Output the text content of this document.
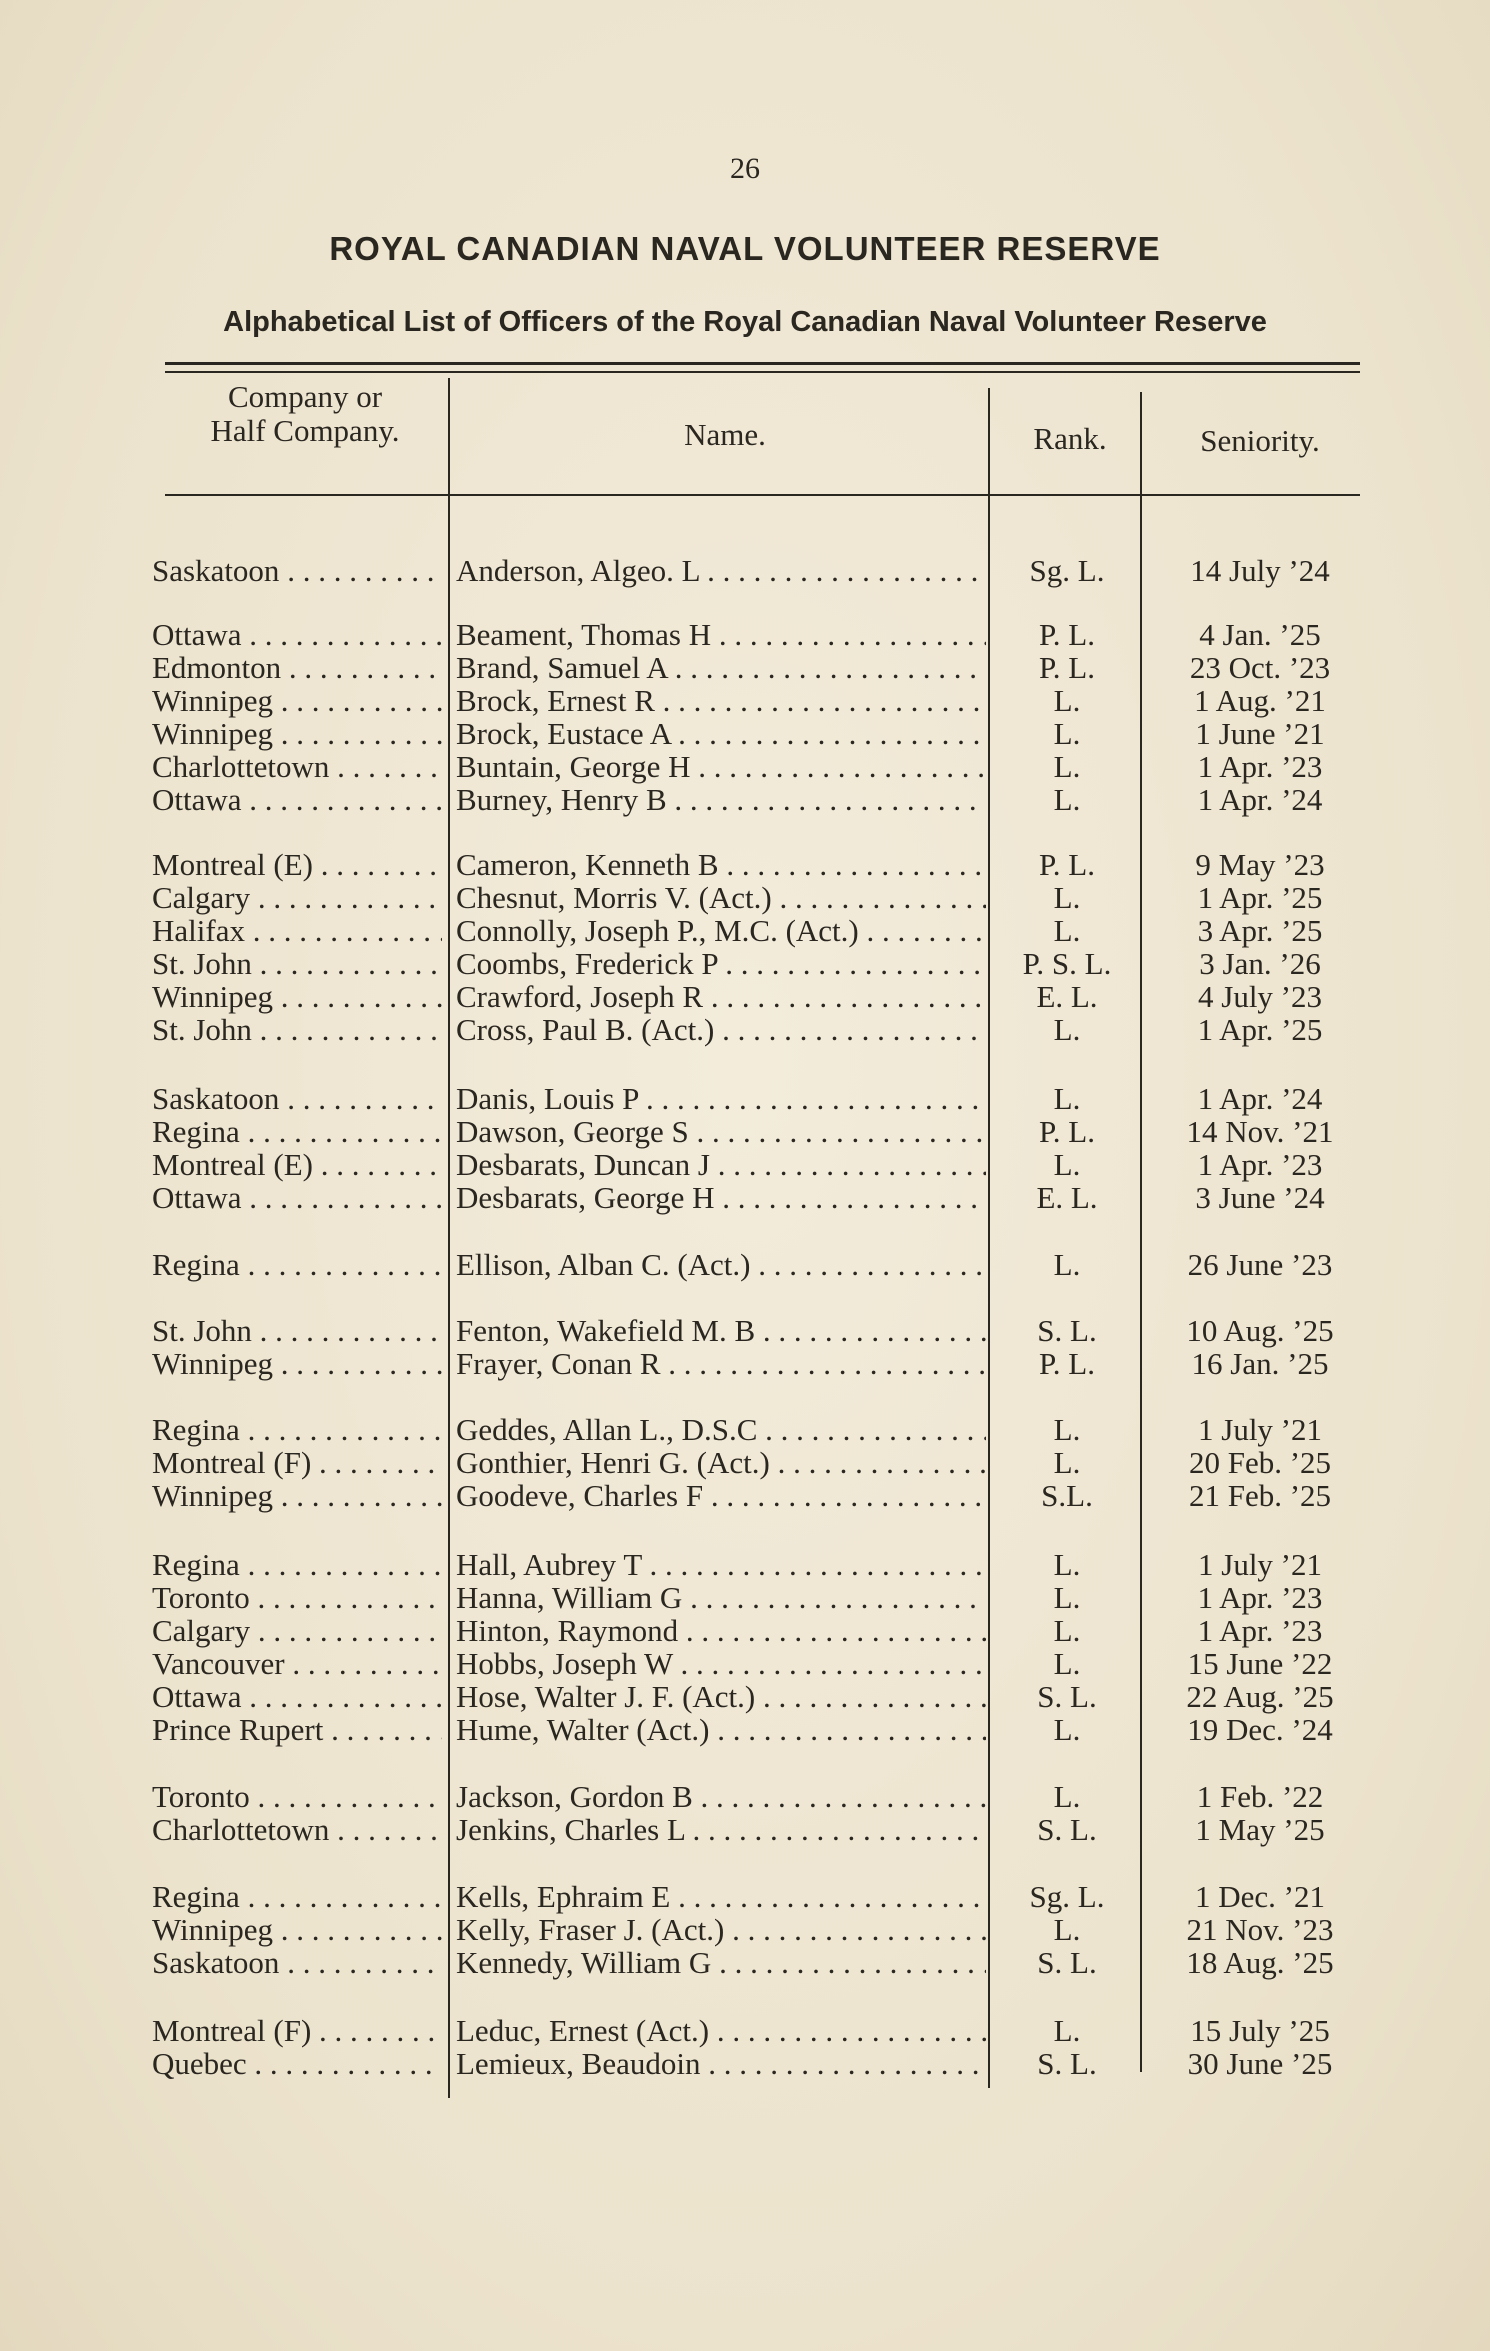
26
ROYAL CANADIAN NAVAL VOLUNTEER RESERVE
Alphabetical List of Officers of the Royal Canadian Naval Volunteer Reserve
Company or Half Company.	Name.	Rank.	Seniority.
Saskatoon . . .	Anderson, Algeo. L . . .	Sg. L.	14 July ’24
Ottawa . . .	Beament, Thomas H . . .	P. L.	4 Jan. ’25
Edmonton . . .	Brand, Samuel A . . .	P. L.	23 Oct. ’23
Winnipeg . . .	Brock, Ernest R . . .	L.	1 Aug. ’21
Winnipeg . . .	Brock, Eustace A . . .	L.	1 June ’21
Charlottetown . . .	Buntain, George H . . .	L.	1 Apr. ’23
Ottawa . . .	Burney, Henry B . . .	L.	1 Apr. ’24
Montreal (E) . . .	Cameron, Kenneth B . . .	P. L.	9 May ’23
Calgary . . .	Chesnut, Morris V. (Act.) . . .	L.	1 Apr. ’25
Halifax . . .	Connolly, Joseph P., M.C. (Act.) . . .	L.	3 Apr. ’25
St. John . . .	Coombs, Frederick P . . .	P. S. L.	3 Jan. ’26
Winnipeg . . .	Crawford, Joseph R . . .	E. L.	4 July ’23
St. John . . .	Cross, Paul B. (Act.) . . .	L.	1 Apr. ’25
Saskatoon . . .	Danis, Louis P . . .	L.	1 Apr. ’24
Regina . . .	Dawson, George S . . .	P. L.	14 Nov. ’21
Montreal (E) . . .	Desbarats, Duncan J . . .	L.	1 Apr. ’23
Ottawa . . .	Desbarats, George H . . .	E. L.	3 June ’24
Regina . . .	Ellison, Alban C. (Act.) . . .	L.	26 June ’23
St. John . . .	Fenton, Wakefield M. B . . .	S. L.	10 Aug. ’25
Winnipeg . . .	Frayer, Conan R . . .	P. L.	16 Jan. ’25
Regina . . .	Geddes, Allan L., D.S.C . . .	L.	1 July ’21
Montreal (F) . . .	Gonthier, Henri G. (Act.) . . .	L.	20 Feb. ’25
Winnipeg . . .	Goodeve, Charles F . . .	S.L.	21 Feb. ’25
Regina . . .	Hall, Aubrey T . . .	L.	1 July ’21
Toronto . . .	Hanna, William G . . .	L.	1 Apr. ’23
Calgary . . .	Hinton, Raymond . . .	L.	1 Apr. ’23
Vancouver . . .	Hobbs, Joseph W . . .	L.	15 June ’22
Ottawa . . .	Hose, Walter J. F. (Act.) . . .	S. L.	22 Aug. ’25
Prince Rupert . . .	Hume, Walter (Act.) . . .	L.	19 Dec. ’24
Toronto . . .	Jackson, Gordon B . . .	L.	1 Feb. ’22
Charlottetown . . .	Jenkins, Charles L . . .	S. L.	1 May ’25
Regina . . .	Kells, Ephraim E . . .	Sg. L.	1 Dec. ’21
Winnipeg . . .	Kelly, Fraser J. (Act.) . . .	L.	21 Nov. ’23
Saskatoon . . .	Kennedy, William G . . .	S. L.	18 Aug. ’25
Montreal (F) . . .	Leduc, Ernest (Act.) . . .	L.	15 July ’25
Quebec . . .	Lemieux, Beaudoin . . .	S. L.	30 June ’25
